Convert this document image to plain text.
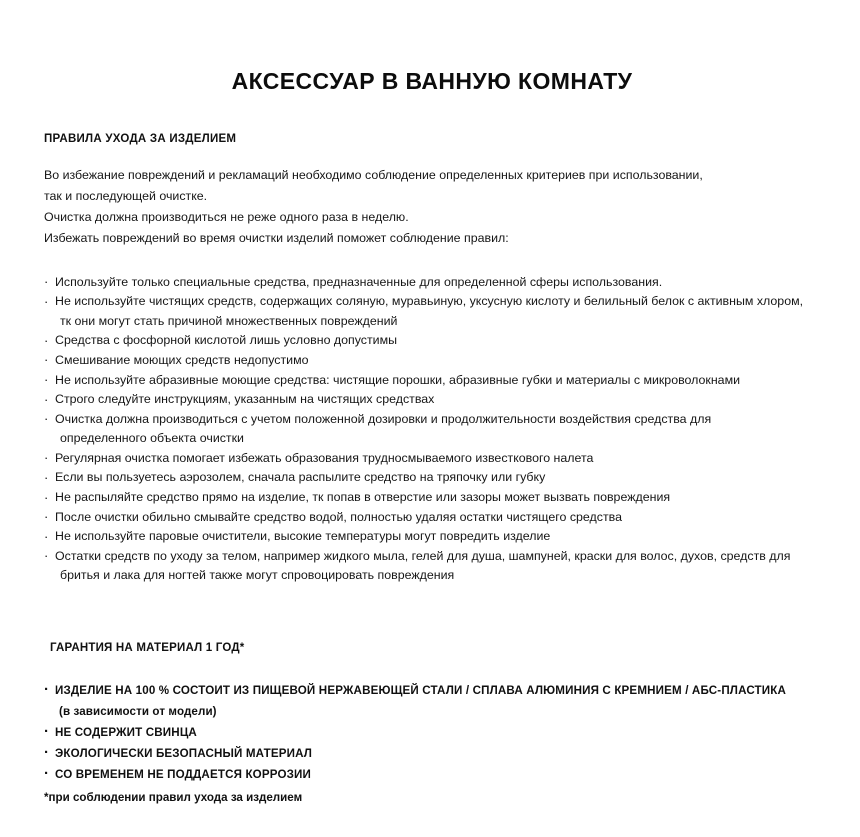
АКСЕССУАР В ВАННУЮ КОМНАТУ
ПРАВИЛА УХОДА ЗА ИЗДЕЛИЕМ

Во избежание повреждений и рекламаций необходимо соблюдение определенных критериев при использовании,

так и последующей очистке.

Очистка должна производиться не реже одного раза в неделю.

Избежать повреждений во время очистки изделий поможет соблюдение правил:

· Используйте только специальные средства, предназначенные для определенной сферы использования.
· Не используйте чистящих средств, содержащих соляную, муравьиную, уксусную кислоту и белильный белок с активным хлором,
тк они могут стать причиной множественных повреждений
· Средства с фосфорной кислотой лишь условно допустимы
· Смешивание моющих средств недопустимо
· Не используйте абразивные моющие средства: чистящие порошки, абразивные губки и материалы с микроволокнами
· Строго следуйте инструкциям, указанным на чистящих средствах
· Очистка должна производиться с учетом положенной дозировки и продолжительности воздействия средства для
определенного объекта очистки
· Регулярная очистка помогает избежать образования трудносмываемого известкового налета
· Если вы пользуетесь аэрозолем, сначала распылите средство на тряпочку или губку
· Не распыляйте средство прямо на изделие, тк попав в отверстие или зазоры может вызвать повреждения
· После очистки обильно смывайте средство водой, полностью удаляя остатки чистящего средства
· Не используйте паровые очистители, высокие температуры могут повредить изделие
· Остатки средств по уходу за телом, например жидкого мыла, гелей для душа, шампуней, краски для волос, духов, средств для
бритья и лака для ногтей также могут спровоцировать повреждения
ГАРАНТИЯ НА МАТЕРИАЛ 1 ГОД*
· ИЗДЕЛИЕ НА 100 % СОСТОИТ ИЗ ПИЩЕВОЙ НЕРЖАВЕЮЩЕЙ СТАЛИ / СПЛАВА АЛЮМИНИЯ С КРЕМНИЕМ / АБС-ПЛАСТИКА
(в зависимости от модели)
· НЕ СОДЕРЖИТ СВИНЦА
· ЭКОЛОГИЧЕСКИ БЕЗОПАСНЫЙ МАТЕРИАЛ
· СО ВРЕМЕНЕМ НЕ ПОДДАЕТСЯ КОРРОЗИИ

*при соблюдении правил ухода за изделием
